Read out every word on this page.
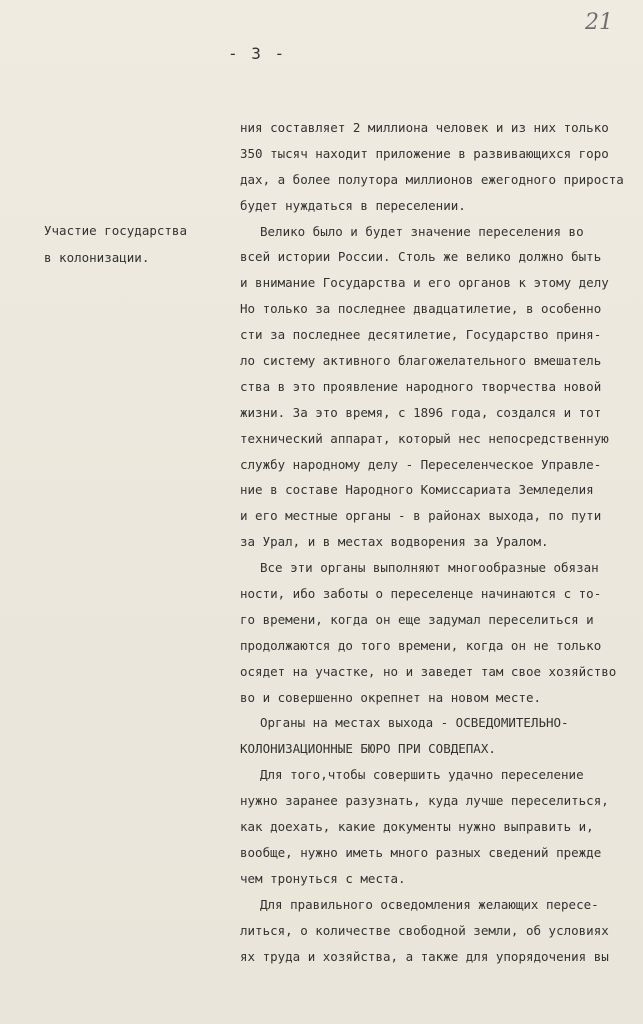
21
- 3 -
Участие государства
в колонизации.
ния составляет 2 миллиона человек и из них только
350 тысяч находит приложение в развивающихся горо
дах, а более полутора миллионов ежегодного прироста
будет нуждаться в переселении.
Велико было и будет значение переселения во
всей истории России. Столь же велико должно быть
и внимание Государства и его органов к этому делу
Но только за последнее двадцатилетие, в особенно
сти за последнее десятилетие, Государство приня-
ло систему активного благожелательного вмешатель
ства в это проявление народного творчества новой
жизни. За это время, с 1896 года, создался и тот
технический аппарат, который нес непосредственную
службу народному делу - Переселенческое Управле-
ние в составе Народного Комиссариата Земледелия
и его местные органы - в районах выхода, по пути
за Урал, и в местах водворения за Уралом.
Все эти органы выполняют многообразные обязан
ности, ибо заботы о переселенце начинаются с то-
го времени, когда он еще задумал переселиться и
продолжаются до того времени, когда он не только
осядет на участке, но и заведет там свое хозяйство
во и совершенно окрепнет на новом месте.
Органы на местах выхода - ОСВЕДОМИТЕЛЬНО-
КОЛОНИЗАЦИОННЫЕ БЮРО ПРИ СОВДЕПАХ.
Для того,чтобы совершить удачно переселение
нужно заранее разузнать, куда лучше переселиться,
как доехать, какие документы нужно выправить и,
вообще, нужно иметь много разных сведений прежде
чем тронуться с места.
Для правильного осведомления желающих пересе-
литься, о количестве свободной земли, об условиях
ях труда и хозяйства, а также для упорядочения вы
